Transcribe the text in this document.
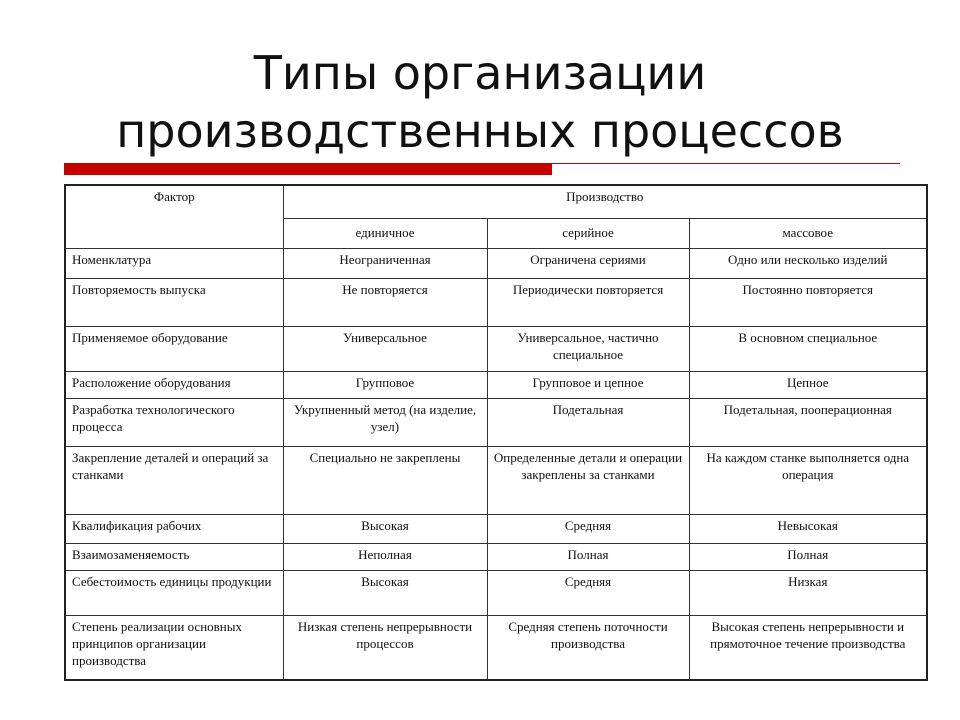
Типы организации
производственных процессов
Фактор	Производство		
	единичное	серийное	массовое
Номенклатура	Неограниченная	Ограничена сериями	Одно или несколько изделий
Повторяемость выпуска	Не повторяется	Периодически повторяется	Постоянно повторяется
Применяемое оборудование	Универсальное	Универсальное, частично специальное	В основном специальное
Расположение оборудования	Групповое	Групповое и цепное	Цепное
Разработка технологического процесса	Укрупненный метод (на изделие, узел)	Подетальная	Подетальная, пооперационная
Закрепление деталей и операций за станками	Специально не закреплены	Определенные детали и операции закреплены за станками	На каждом станке выполняется одна операция
Квалификация рабочих	Высокая	Средняя	Невысокая
Взаимозаменяемость	Неполная	Полная	Полная
Себестоимость единицы продукции	Высокая	Средняя	Низкая
Степень реализации основных принципов организации производства	Низкая степень непрерывности процессов	Средняя степень поточности производства	Высокая степень непрерывности и прямоточное течение производства
